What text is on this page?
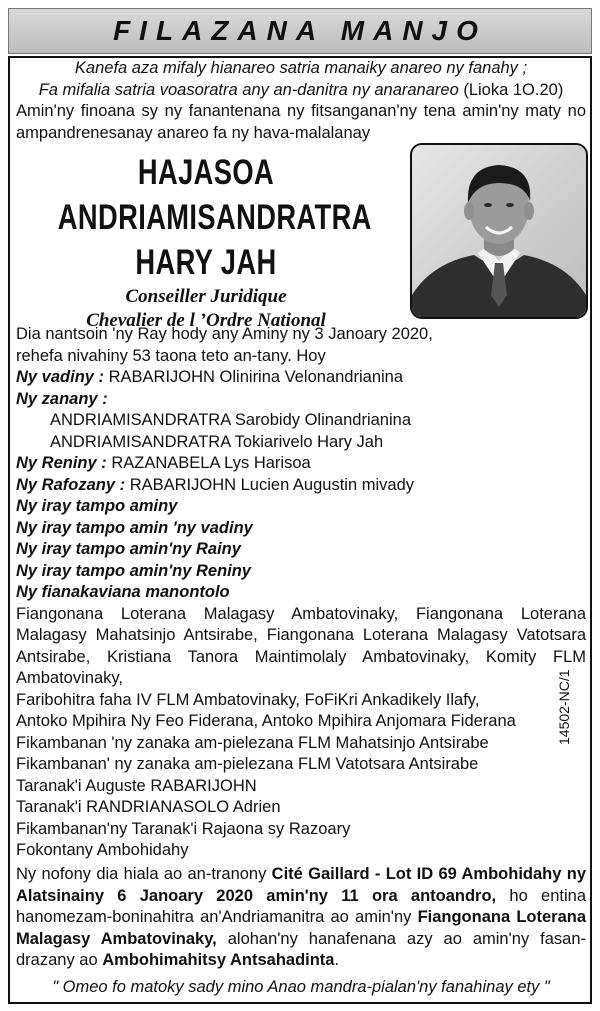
FILAZANA MANJO
Kanefa aza mifaly hianareo satria manaiky anareo ny fanahy ;
Fa mifalia satria voasoratra any an-danitra ny anaranareo (Lioka 1O.20)
Amin'ny finoana sy ny fanantenana ny fitsanganan'ny tena amin'ny maty no ampandrenesanay anareo fa ny hava-malalanay
HAJASOA
ANDRIAMISANDRATRA
HARY JAH
Conseiller Juridique
Chevalier de l ’Ordre National
Dia nantsoin 'ny Ray hody any Aminy ny 3 Janoary 2020,
rehefa nivahiny 53 taona teto an-tany. Hoy
Ny vadiny : RABARIJOHN Olinirina Velonandrianina
Ny zanany :
ANDRIAMISANDRATRA Sarobidy Olinandrianina
ANDRIAMISANDRATRA Tokiarivelo Hary Jah
Ny Reniny : RAZANABELA Lys Harisoa
Ny Rafozany : RABARIJOHN Lucien Augustin mivady
Ny iray tampo aminy
Ny iray tampo amin 'ny vadiny
Ny iray tampo amin'ny Rainy
Ny iray tampo amin'ny Reniny
Ny fianakaviana manontolo
Fiangonana Loterana Malagasy Ambatovinaky, Fiangonana Loterana Malagasy Mahatsinjo Antsirabe, Fiangonana Loterana Malagasy Vatotsara Antsirabe, Kristiana Tanora Maintimolaly Ambatovinaky, Komity FLM Ambatovinaky,
Faribohitra faha IV FLM Ambatovinaky, FoFiKri Ankadikely Ilafy,
Antoko Mpihira Ny Feo Fiderana, Antoko Mpihira Anjomara Fiderana
Fikambanan 'ny zanaka am-pielezana FLM Mahatsinjo Antsirabe
Fikambanan' ny zanaka am-pielezana FLM Vatotsara Antsirabe
Taranak'i Auguste RABARIJOHN
Taranak'i RANDRIANASOLO Adrien
Fikambanan'ny Taranak'i Rajaona sy Razoary
Fokontany Ambohidahy
Ny nofony dia hiala ao an-tranony Cité Gaillard - Lot ID 69 Ambohidahy ny Alatsinainy 6 Janoary 2020 amin'ny 11 ora antoandro, ho entina hanomezam-boninahitra an'Andriamanitra ao amin'ny Fiangonana Loterana Malagasy Ambatovinaky, alohan'ny hanafenana azy ao amin'ny fasan-drazany ao Ambohimahitsy Antsahadinta.
" Omeo fo matoky sady mino Anao mandra-pialan'ny fanahinay ety "
14502-NC/1
